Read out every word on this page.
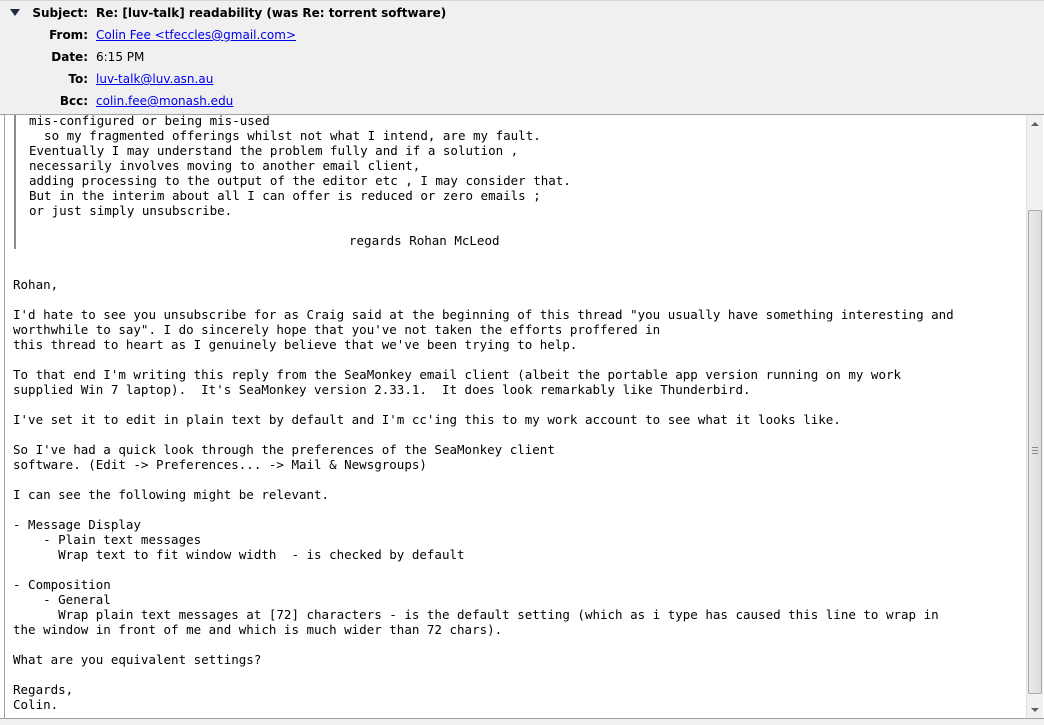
Subject: Re: [luv-talk] readability (was Re: torrent software)
From: Colin Fee <tfeccles@gmail.com>
Date: 6:15 PM
To: luv-talk@luv.asn.au
Bcc: colin.fee@monash.edu
mis-configured or being mis-used
so my fragmented offerings whilst not what I intend, are my fault.
Eventually I may understand the problem fully and if a solution ,
necessarily involves moving to another email client,
adding processing to the output of the editor etc , I may consider that.
But in the interim about all I can offer is reduced or zero emails ;
or just simply unsubscribe.
regards Rohan McLeod
Rohan,

I'd hate to see you unsubscribe for as Craig said at the beginning of this thread "you usually have something interesting and
worthwhile to say". I do sincerely hope that you've not taken the efforts proffered in
this thread to heart as I genuinely believe that we've been trying to help.

To that end I'm writing this reply from the SeaMonkey email client (albeit the portable app version running on my work
supplied Win 7 laptop).  It's SeaMonkey version 2.33.1.  It does look remarkably like Thunderbird.

I've set it to edit in plain text by default and I'm cc'ing this to my work account to see what it looks like.

So I've had a quick look through the preferences of the SeaMonkey client
software. (Edit -> Preferences... -> Mail & Newsgroups)

I can see the following might be relevant.

- Message Display
- Plain text messages
Wrap text to fit window width  - is checked by default

- Composition
- General
Wrap plain text messages at [72] characters - is the default setting (which as i type has caused this line to wrap in
the window in front of me and which is much wider than 72 chars).

What are you equivalent settings?

Regards,
Colin.
